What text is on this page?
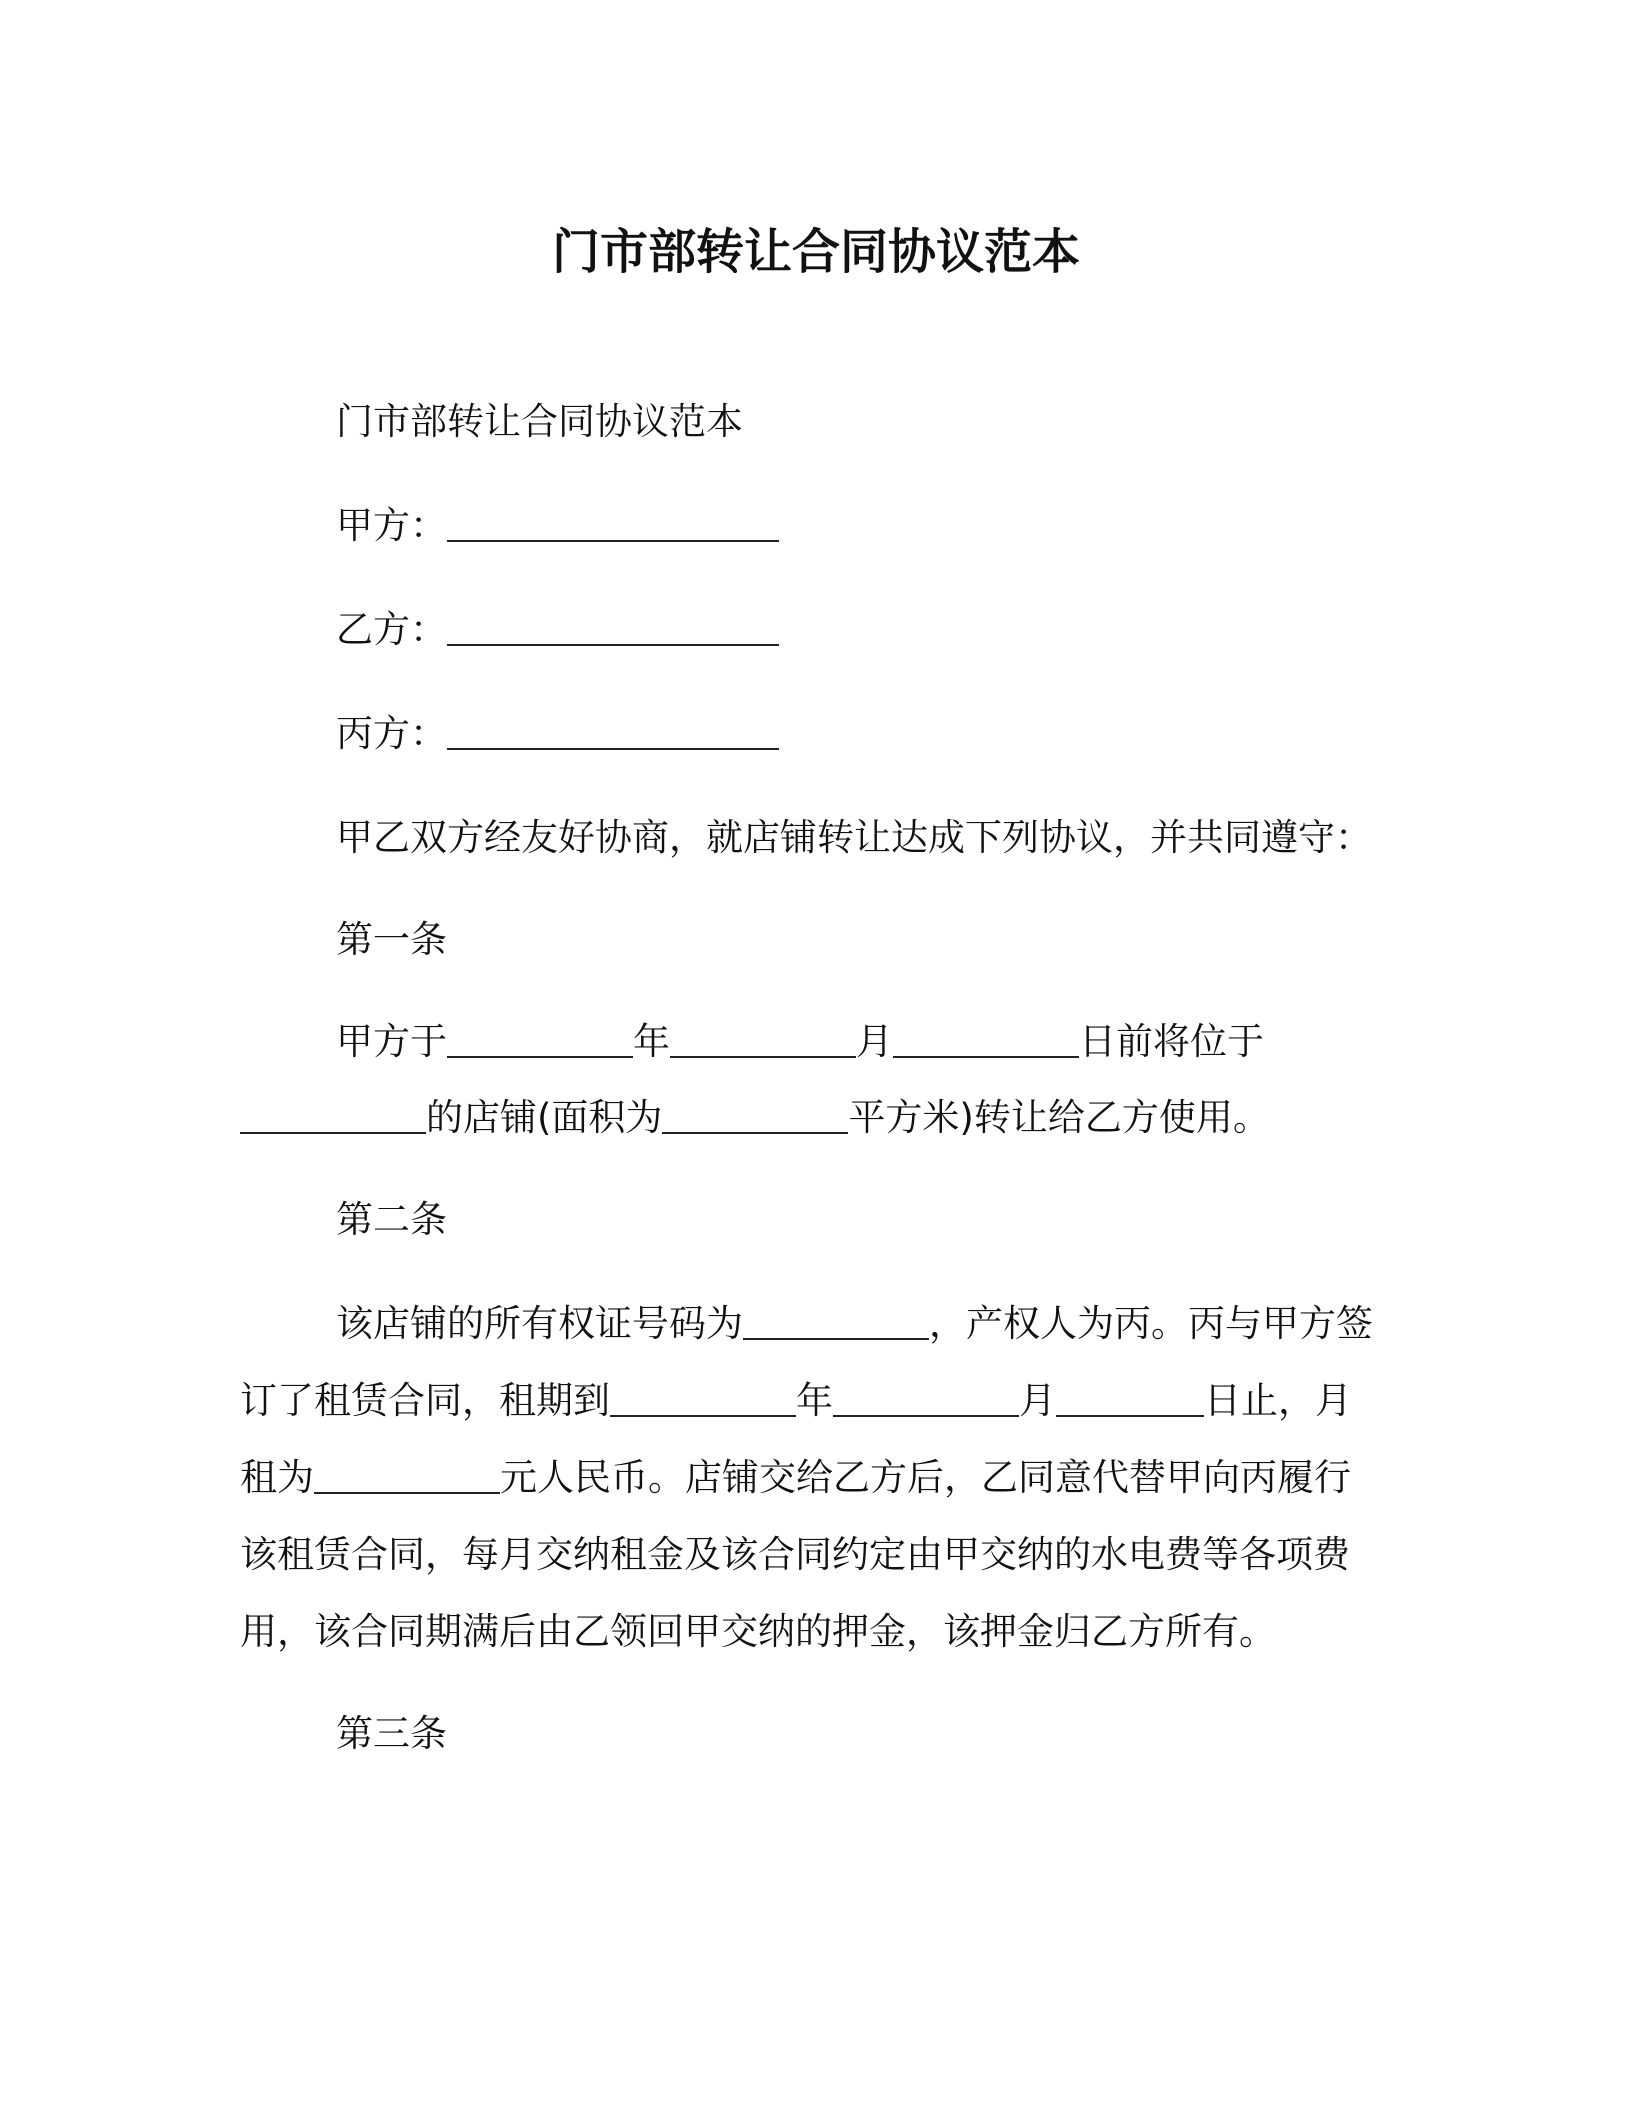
门市部转让合同协议范本
门市部转让合同协议范本
甲方：
乙方：
丙方：
甲乙双方经友好协商，就店铺转让达成下列协议，并共同遵守：
第一条
甲方于	年	月	日前将位于
的店铺(面积为	平方米)转让给乙方使用。
第二条
该店铺的所有权证号码为	，产权人为丙。丙与甲方签
订了租赁合同，租期到	年	月	日止，月
租为	元人民币。店铺交给乙方后，乙同意代替甲向丙履行
该租赁合同，每月交纳租金及该合同约定由甲交纳的水电费等各项费
用，该合同期满后由乙领回甲交纳的押金，该押金归乙方所有。
第三条
